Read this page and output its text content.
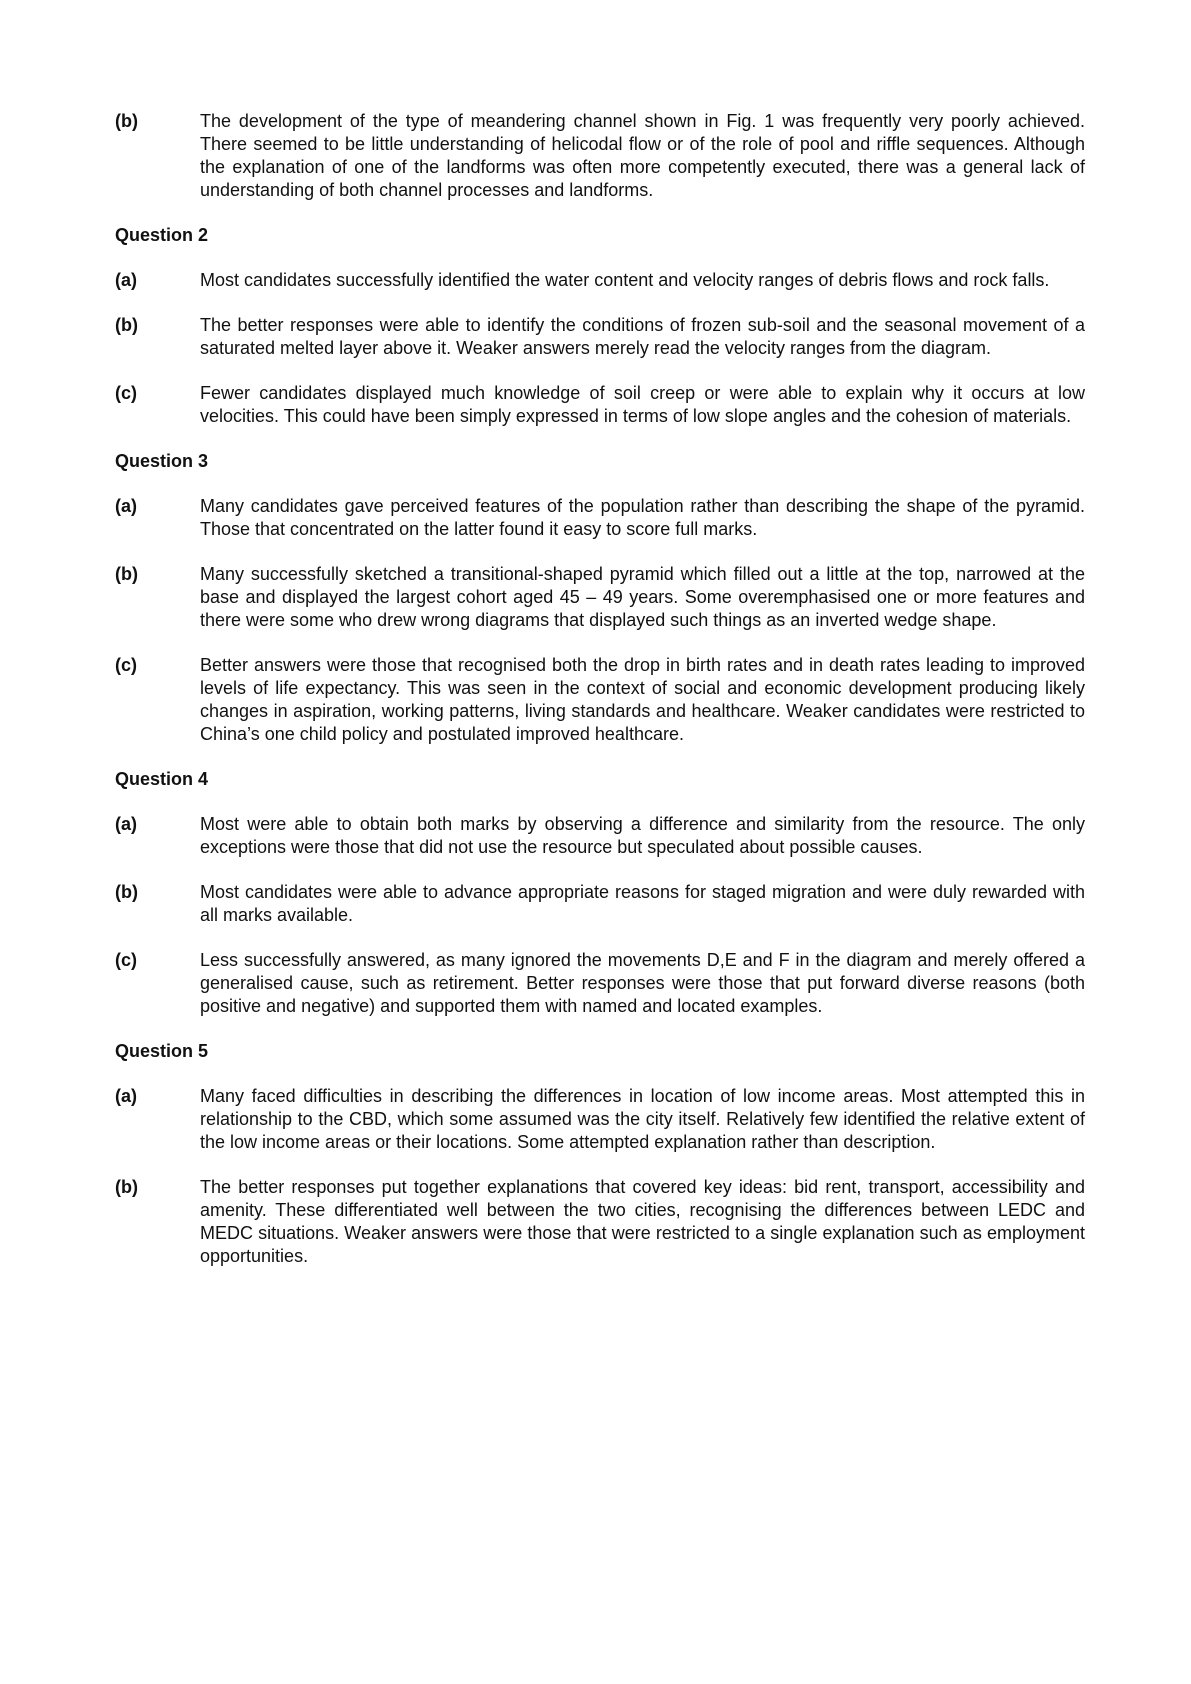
(b)	The development of the type of meandering channel shown in Fig. 1 was frequently very poorly achieved. There seemed to be little understanding of helicodal flow or of the role of pool and riffle sequences. Although the explanation of one of the landforms was often more competently executed, there was a general lack of understanding of both channel processes and landforms.
Question 2
(a)	Most candidates successfully identified the water content and velocity ranges of debris flows and rock falls.
(b)	The better responses were able to identify the conditions of frozen sub-soil and the seasonal movement of a saturated melted layer above it. Weaker answers merely read the velocity ranges from the diagram.
(c)	Fewer candidates displayed much knowledge of soil creep or were able to explain why it occurs at low velocities. This could have been simply expressed in terms of low slope angles and the cohesion of materials.
Question 3
(a)	Many candidates gave perceived features of the population rather than describing the shape of the pyramid. Those that concentrated on the latter found it easy to score full marks.
(b)	Many successfully sketched a transitional-shaped pyramid which filled out a little at the top, narrowed at the base and displayed the largest cohort aged 45 – 49 years. Some overemphasised one or more features and there were some who drew wrong diagrams that displayed such things as an inverted wedge shape.
(c)	Better answers were those that recognised both the drop in birth rates and in death rates leading to improved levels of life expectancy. This was seen in the context of social and economic development producing likely changes in aspiration, working patterns, living standards and healthcare. Weaker candidates were restricted to China’s one child policy and postulated improved healthcare.
Question 4
(a)	Most were able to obtain both marks by observing a difference and similarity from the resource. The only exceptions were those that did not use the resource but speculated about possible causes.
(b)	Most candidates were able to advance appropriate reasons for staged migration and were duly rewarded with all marks available.
(c)	Less successfully answered, as many ignored the movements D,E and F in the diagram and merely offered a generalised cause, such as retirement. Better responses were those that put forward diverse reasons (both positive and negative) and supported them with named and located examples.
Question 5
(a)	Many faced difficulties in describing the differences in location of low income areas. Most attempted this in relationship to the CBD, which some assumed was the city itself. Relatively few identified the relative extent of the low income areas or their locations. Some attempted explanation rather than description.
(b)	The better responses put together explanations that covered key ideas: bid rent, transport, accessibility and amenity. These differentiated well between the two cities, recognising the differences between LEDC and MEDC situations. Weaker answers were those that were restricted to a single explanation such as employment opportunities.
